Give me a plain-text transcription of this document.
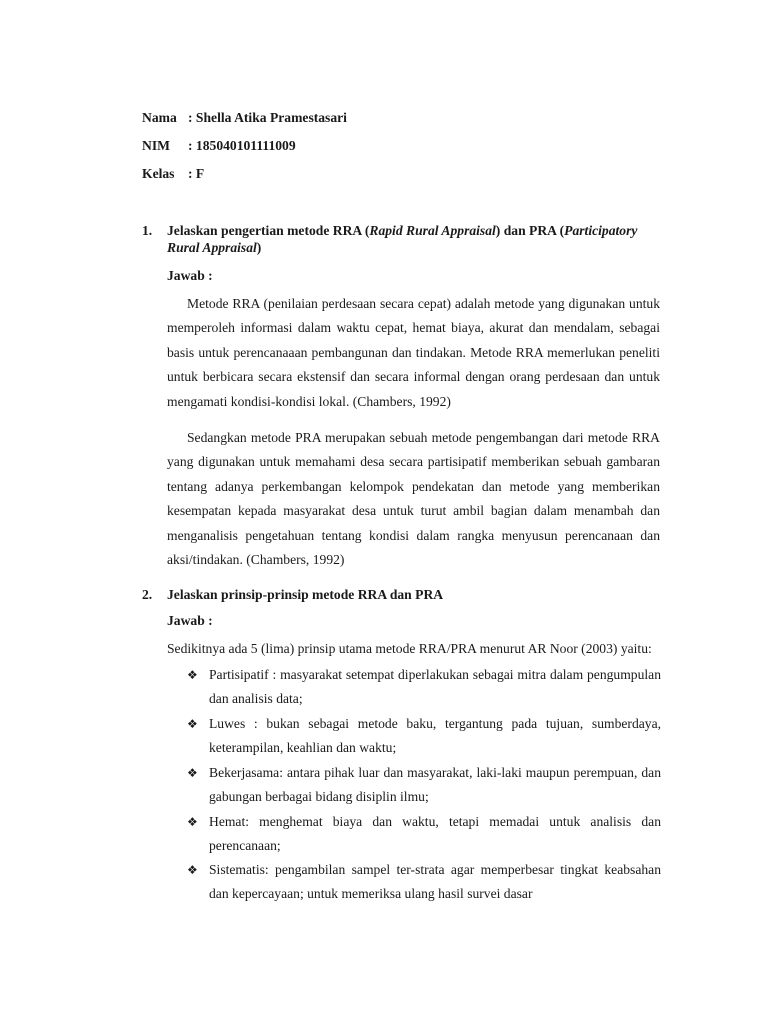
Nama : Shella Atika Pramestasari
NIM : 185040101111009
Kelas : F
1. Jelaskan pengertian metode RRA (Rapid Rural Appraisal) dan PRA (Participatory Rural Appraisal)
Jawab :
Metode RRA (penilaian perdesaan secara cepat) adalah metode yang digunakan untuk memperoleh informasi dalam waktu cepat, hemat biaya, akurat dan mendalam, sebagai basis untuk perencanaaan pembangunan dan tindakan. Metode RRA memerlukan peneliti untuk berbicara secara ekstensif dan secara informal dengan orang perdesaan dan untuk mengamati kondisi-kondisi lokal. (Chambers, 1992)
Sedangkan metode PRA merupakan sebuah metode pengembangan dari metode RRA yang digunakan untuk memahami desa secara partisipatif memberikan sebuah gambaran tentang adanya perkembangan kelompok pendekatan dan metode yang memberikan kesempatan kepada masyarakat desa untuk turut ambil bagian dalam menambah dan menganalisis pengetahuan tentang kondisi dalam rangka menyusun perencanaan dan aksi/tindakan. (Chambers, 1992)
2. Jelaskan prinsip-prinsip metode RRA dan PRA
Jawab :
Sedikitnya ada 5 (lima) prinsip utama metode RRA/PRA menurut AR Noor (2003) yaitu:
❖ Partisipatif : masyarakat setempat diperlakukan sebagai mitra dalam pengumpulan dan analisis data;
❖ Luwes : bukan sebagai metode baku, tergantung pada tujuan, sumberdaya, keterampilan, keahlian dan waktu;
❖ Bekerjasama: antara pihak luar dan masyarakat, laki-laki maupun perempuan, dan gabungan berbagai bidang disiplin ilmu;
❖ Hemat: menghemat biaya dan waktu, tetapi memadai untuk analisis dan perencanaan;
❖ Sistematis: pengambilan sampel ter-strata agar memperbesar tingkat keabsahan dan kepercayaan; untuk memeriksa ulang hasil survei dasar
